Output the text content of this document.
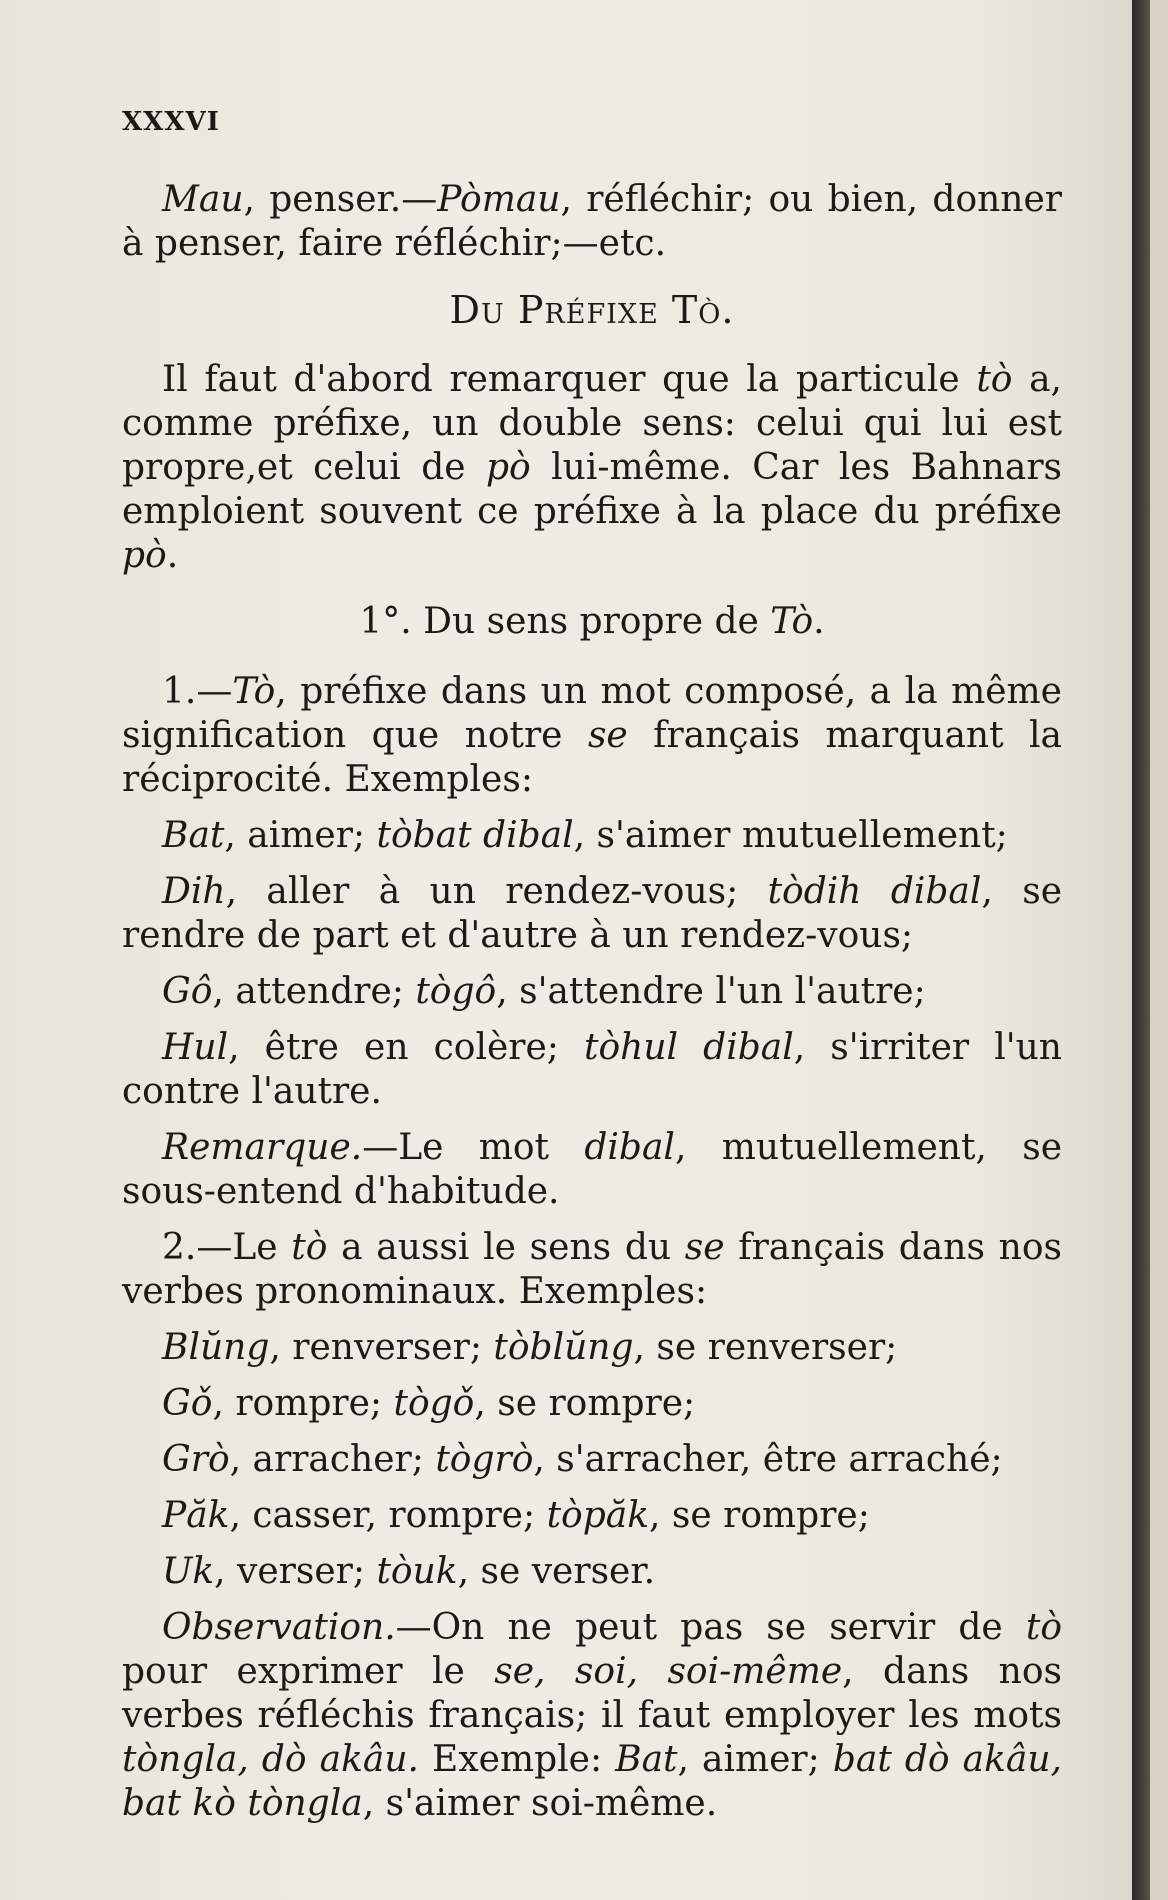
XXXVI

Mau, penser.—Pòmau, réfléchir; ou bien, donner à penser, faire réfléchir;—etc.

Du Préfixe Tò.

Il faut d'abord remarquer que la particule tò a, comme préfixe, un double sens: celui qui lui est propre,et celui de pò lui-même. Car les Bahnars emploient souvent ce préfixe à la place du préfixe pò.

1°. Du sens propre de Tò.

1.—Tò, préfixe dans un mot composé, a la même signification que notre se français marquant la réciprocité. Exemples:

Bat, aimer; tòbat dibal, s'aimer mutuellement;

Dih, aller à un rendez-vous; tòdih dibal, se rendre de part et d'autre à un rendez-vous;

Gô, attendre; tògô, s'attendre l'un l'autre;

Hul, être en colère; tòhul dibal, s'irriter l'un contre l'autre.

Remarque.—Le mot dibal, mutuellement, se sous-entend d'habitude.

2.—Le tò a aussi le sens du se français dans nos verbes pronominaux. Exemples:

Blŭng, renverser; tòblŭng, se renverser;

Gǒ, rompre; tògǒ, se rompre;

Grò, arracher; tògrò, s'arracher, être arraché;

Păk, casser, rompre; tòpăk, se rompre;

Uk, verser; tòuk, se verser.

Observation.—On ne peut pas se servir de tò pour exprimer le se, soi, soi-même, dans nos verbes réfléchis français; il faut employer les mots tòngla, dò akâu. Exemple: Bat, aimer; bat dò akâu, bat kò tòngla, s'aimer soi-même.
